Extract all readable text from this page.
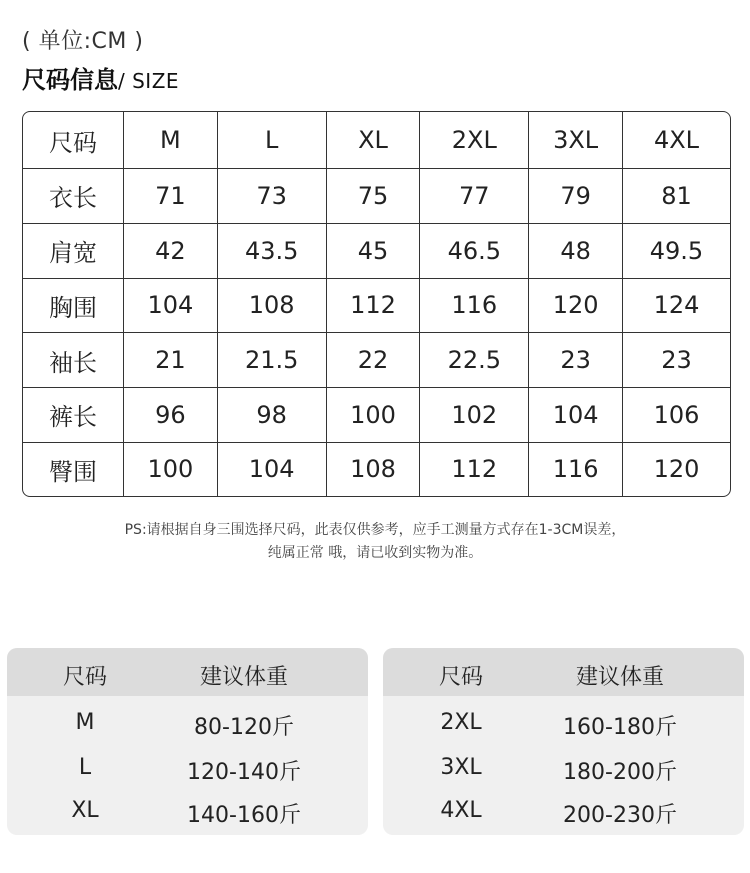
( 单位:CM )
尺码信息/ SIZE
尺码	M	L	XL	2XL	3XL	4XL
衣长	71	73	75	77	79	81
肩宽	42	43.5	45	46.5	48	49.5
胸围	104	108	112	116	120	124
袖长	21	21.5	22	22.5	23	23
裤长	96	98	100	102	104	106
臀围	100	104	108	112	116	120
PS:请根据自身三围选择尺码，此表仅供参考，应手工测量方式存在1-3CM误差，
纯属正常 哦，请已收到实物为准。
尺码	建议体重
M	80-120斤
L	120-140斤
XL	140-160斤
尺码	建议体重
2XL	160-180斤
3XL	180-200斤
4XL	200-230斤
